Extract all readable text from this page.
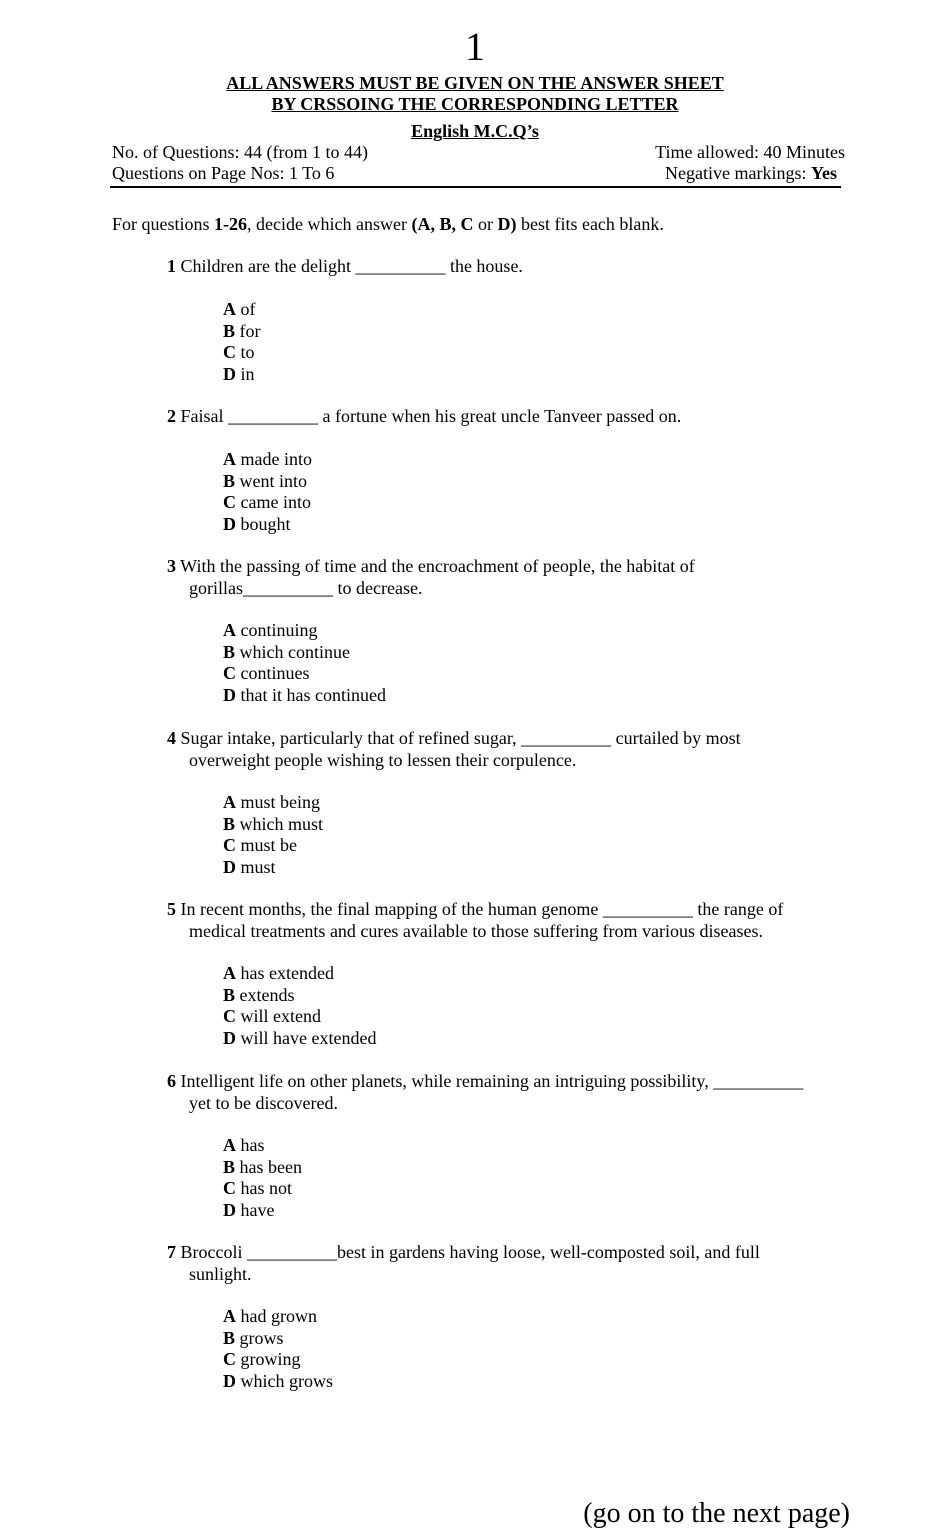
1
ALL ANSWERS MUST BE GIVEN ON THE ANSWER SHEET
BY CRSSOING THE CORRESPONDING LETTER
English M.C.Q’s
No. of Questions: 44 (from 1 to 44)	Time allowed: 40 Minutes
Questions on Page Nos: 1 To 6	Negative markings: Yes
For questions 1-26, decide which answer (A, B, C or D) best fits each blank.
1 Children are the delight __________ the house.
A of
B for
C to
D in
2 Faisal __________ a fortune when his great uncle Tanveer passed on.
A made into
B went into
C came into
D bought
3 With the passing of time and the encroachment of people, the habitat of
gorillas__________ to decrease.
A continuing
B which continue
C continues
D that it has continued
4 Sugar intake, particularly that of refined sugar, __________ curtailed by most
overweight people wishing to lessen their corpulence.
A must being
B which must
C must be
D must
5 In recent months, the final mapping of the human genome __________ the range of
medical treatments and cures available to those suffering from various diseases.
A has extended
B extends
C will extend
D will have extended
6 Intelligent life on other planets, while remaining an intriguing possibility, __________
yet to be discovered.
A has
B has been
C has not
D have
7 Broccoli __________best in gardens having loose, well-composted soil, and full
sunlight.
A had grown
B grows
C growing
D which grows
(go on to the next page)
